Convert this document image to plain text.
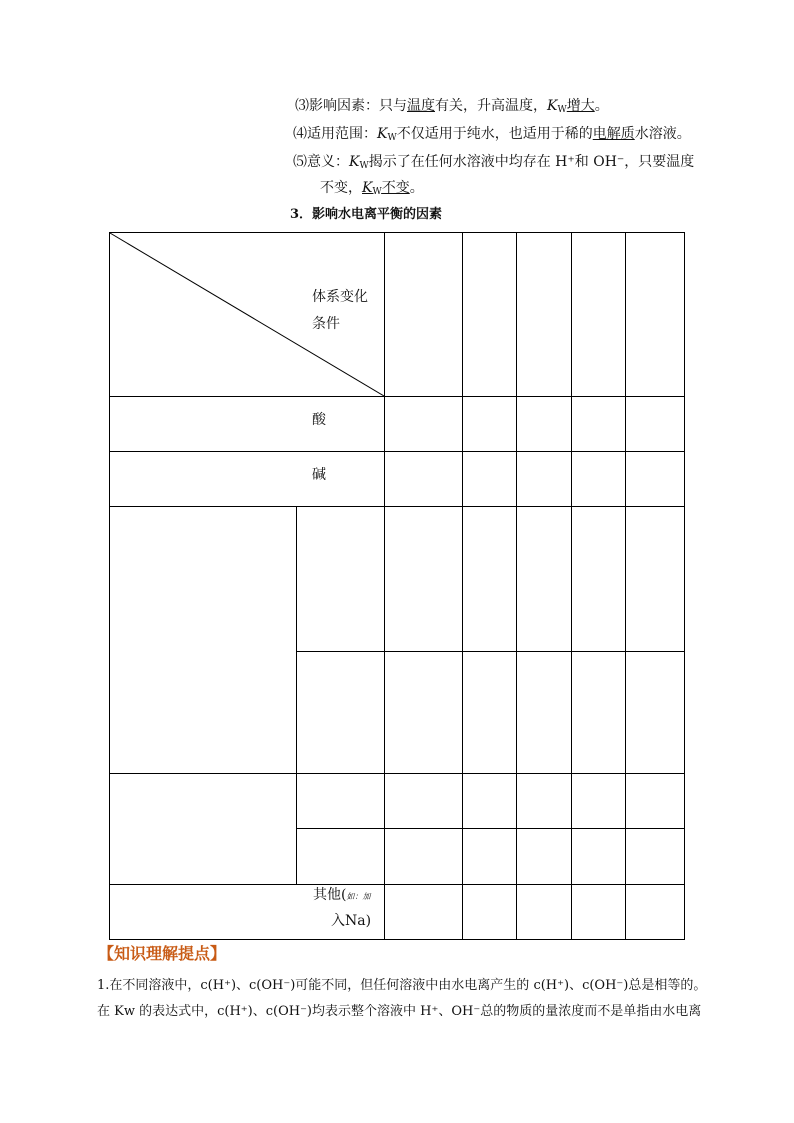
⑶影响因素：只与温度有关，升高温度，$K_W$增大。
⑷适用范围：$K_W$不仅适用于纯水，也适用于稀的电解质水溶液。
⑸意义：$K_W$揭示了在任何水溶液中均存在 H⁺和 OH⁻，只要温度
不变，$K_W$不变。
3．影响水电离平衡的因素
体系变化
条件
酸
碱
其他(如：加
入Na)
【知识理解提点】
1.在不同溶液中，c(H⁺)、c(OH⁻)可能不同，但任何溶液中由水电离产生的 c(H⁺)、c(OH⁻)总是相等的。
在 Kw 的表达式中，c(H⁺)、c(OH⁻)均表示整个溶液中 H⁺、OH⁻总的物质的量浓度而不是单指由水电离
